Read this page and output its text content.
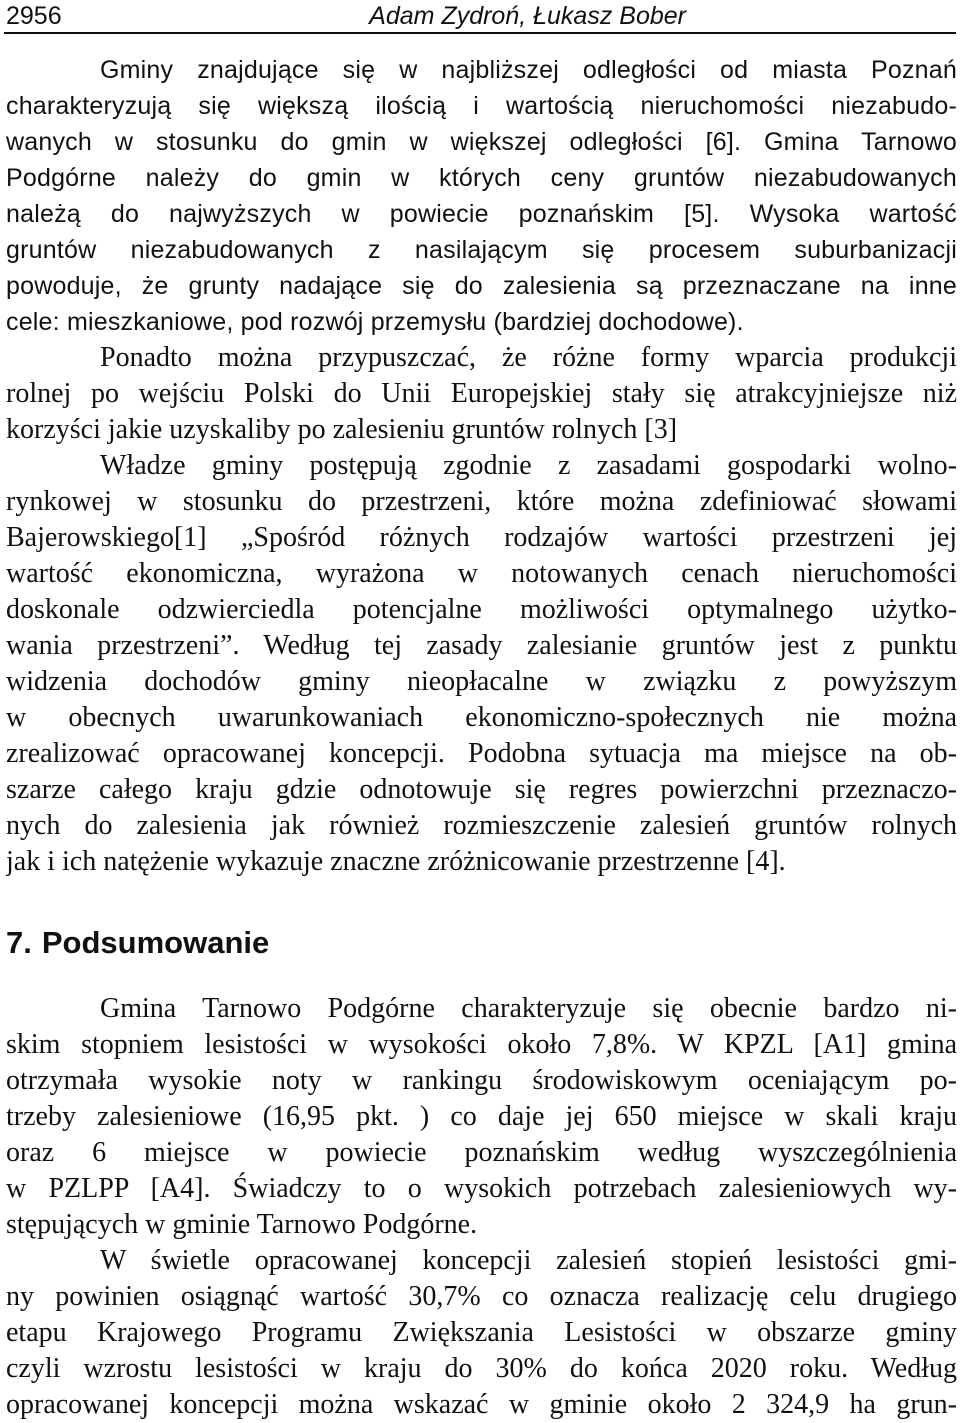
2956	Adam Zydroń, Łukasz Bober
Gminy znajdujące się w najbliższej odległości od miasta Poznań
charakteryzują się większą ilością i wartością nieruchomości niezabudo-
wanych w stosunku do gmin w większej odległości [6]. Gmina Tarnowo
Podgórne należy do gmin w których ceny gruntów niezabudowanych
należą do najwyższych w powiecie poznańskim [5]. Wysoka wartość
gruntów niezabudowanych z nasilającym się procesem suburbanizacji
powoduje, że grunty nadające się do zalesienia są przeznaczane na inne
cele: mieszkaniowe, pod rozwój przemysłu (bardziej dochodowe).
Ponadto można przypuszczać, że różne formy wparcia produkcji
rolnej po wejściu Polski do Unii Europejskiej stały się atrakcyjniejsze niż
korzyści jakie uzyskaliby po zalesieniu gruntów rolnych [3]
Władze gminy postępują zgodnie z zasadami gospodarki wolno-
rynkowej w stosunku do przestrzeni, które można zdefiniować słowami
Bajerowskiego[1] „Spośród różnych rodzajów wartości przestrzeni jej
wartość ekonomiczna, wyrażona w notowanych cenach nieruchomości
doskonale odzwierciedla potencjalne możliwości optymalnego użytko-
wania przestrzeni”. Według tej zasady zalesianie gruntów jest z punktu
widzenia dochodów gminy nieopłacalne w związku z powyższym
w obecnych uwarunkowaniach ekonomiczno-społecznych nie można
zrealizować opracowanej koncepcji. Podobna sytuacja ma miejsce na ob-
szarze całego kraju gdzie odnotowuje się regres powierzchni przeznaczo-
nych do zalesienia jak również rozmieszczenie zalesień gruntów rolnych
jak i ich natężenie wykazuje znaczne zróżnicowanie przestrzenne [4].
7. Podsumowanie
Gmina Tarnowo Podgórne charakteryzuje się obecnie bardzo ni-
skim stopniem lesistości w wysokości około 7,8%. W KPZL [A1] gmina
otrzymała wysokie noty w rankingu środowiskowym oceniającym po-
trzeby zalesieniowe (16,95 pkt. ) co daje jej 650 miejsce w skali kraju
oraz 6 miejsce w powiecie poznańskim według wyszczególnienia
w PZLPP [A4]. Świadczy to o wysokich potrzebach zalesieniowych wy-
stępujących w gminie Tarnowo Podgórne.
W świetle opracowanej koncepcji zalesień stopień lesistości gmi-
ny powinien osiągnąć wartość 30,7% co oznacza realizację celu drugiego
etapu Krajowego Programu Zwiększania Lesistości w obszarze gminy
czyli wzrostu lesistości w kraju do 30% do końca 2020 roku. Według
opracowanej koncepcji można wskazać w gminie około 2 324,9 ha grun-
